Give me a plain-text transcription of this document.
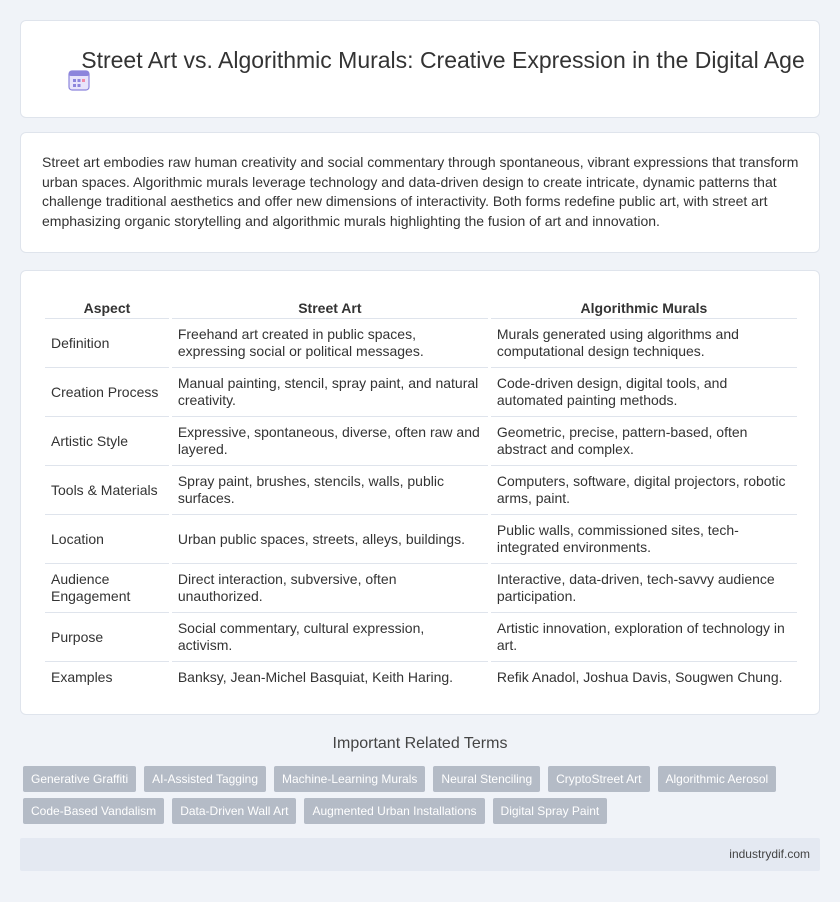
Street Art vs. Algorithmic Murals: Creative Expression in the Digital Age

Street art embodies raw human creativity and social commentary through spontaneous, vibrant expressions that transform urban spaces. Algorithmic murals leverage technology and data-driven design to create intricate, dynamic patterns that challenge traditional aesthetics and offer new dimensions of interactivity. Both forms redefine public art, with street art emphasizing organic storytelling and algorithmic murals highlighting the fusion of art and innovation.

Aspect	Street Art	Algorithmic Murals
Definition	Freehand art created in public spaces, expressing social or political messages.	Murals generated using algorithms and computational design techniques.
Creation Process	Manual painting, stencil, spray paint, and natural creativity.	Code-driven design, digital tools, and automated painting methods.
Artistic Style	Expressive, spontaneous, diverse, often raw and layered.	Geometric, precise, pattern-based, often abstract and complex.
Tools & Materials	Spray paint, brushes, stencils, walls, public surfaces.	Computers, software, digital projectors, robotic arms, paint.
Location	Urban public spaces, streets, alleys, buildings.	Public walls, commissioned sites, tech-integrated environments.
Audience Engagement	Direct interaction, subversive, often unauthorized.	Interactive, data-driven, tech-savvy audience participation.
Purpose	Social commentary, cultural expression, activism.	Artistic innovation, exploration of technology in art.
Examples	Banksy, Jean-Michel Basquiat, Keith Haring.	Refik Anadol, Joshua Davis, Sougwen Chung.
Important Related Terms
Generative Graffiti	AI-Assisted Tagging	Machine-Learning Murals	Neural Stenciling	CryptoStreet Art	Algorithmic Aerosol
Code-Based Vandalism	Data-Driven Wall Art	Augmented Urban Installations	Digital Spray Paint
industrydif.com
